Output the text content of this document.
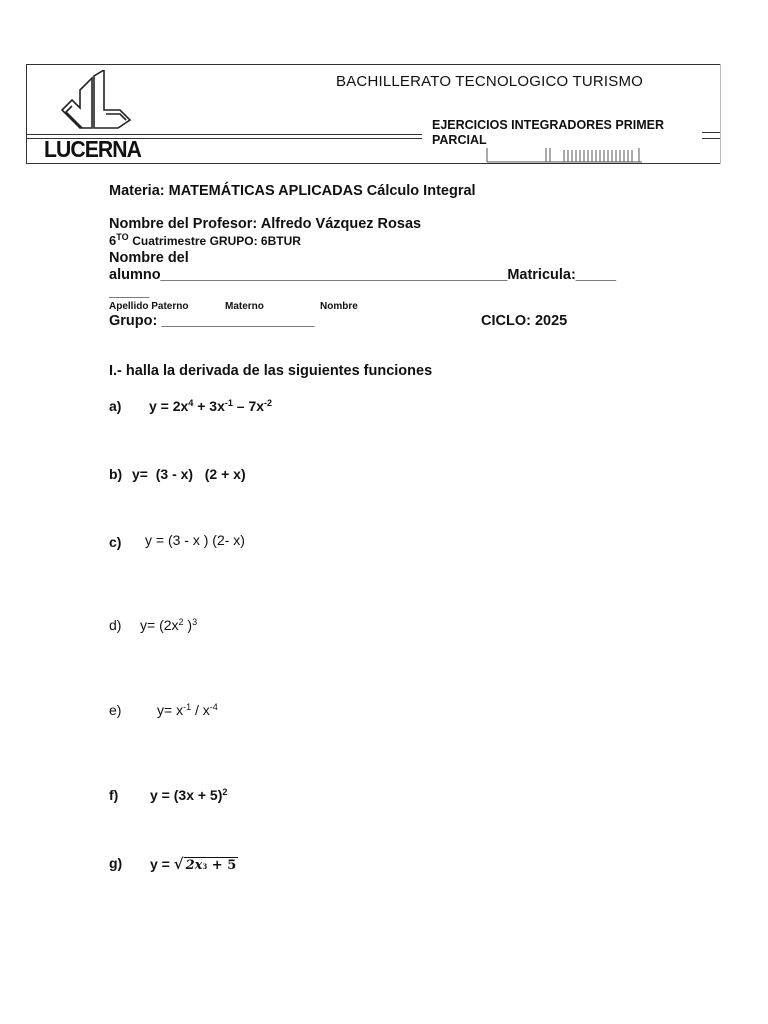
LUCERNA
BACHILLERATO TECNOLOGICO TURISMO
EJERCICIOS INTEGRADORES PRIMER PARCIAL
Materia: MATEMÁTICAS APLICADAS Cálculo Integral
Nombre del Profesor: Alfredo Vázquez Rosas
$6^{TO}$ Cuatrimestre GRUPO: 6BTUR
Nombre del
alumno___________________________________________Matricula:_____
_____
Apellido Paterno	Materno	Nombre
Grupo: ___________________	CICLO: 2025
I.- halla la derivada de las siguientes funciones
a) $y = 2x^4 + 3x^{-1} - 7x^{-2}$
b) y=  (3 - x)   (2 + x)
c) y = (3 - x ) (2- x)
d) $y= (2x^2$ )$^3$
e)	$y= x^{-1} / x^{-4}$
f) $y = (3x + 5)^2$
g) y = √ 2x3 + 5
